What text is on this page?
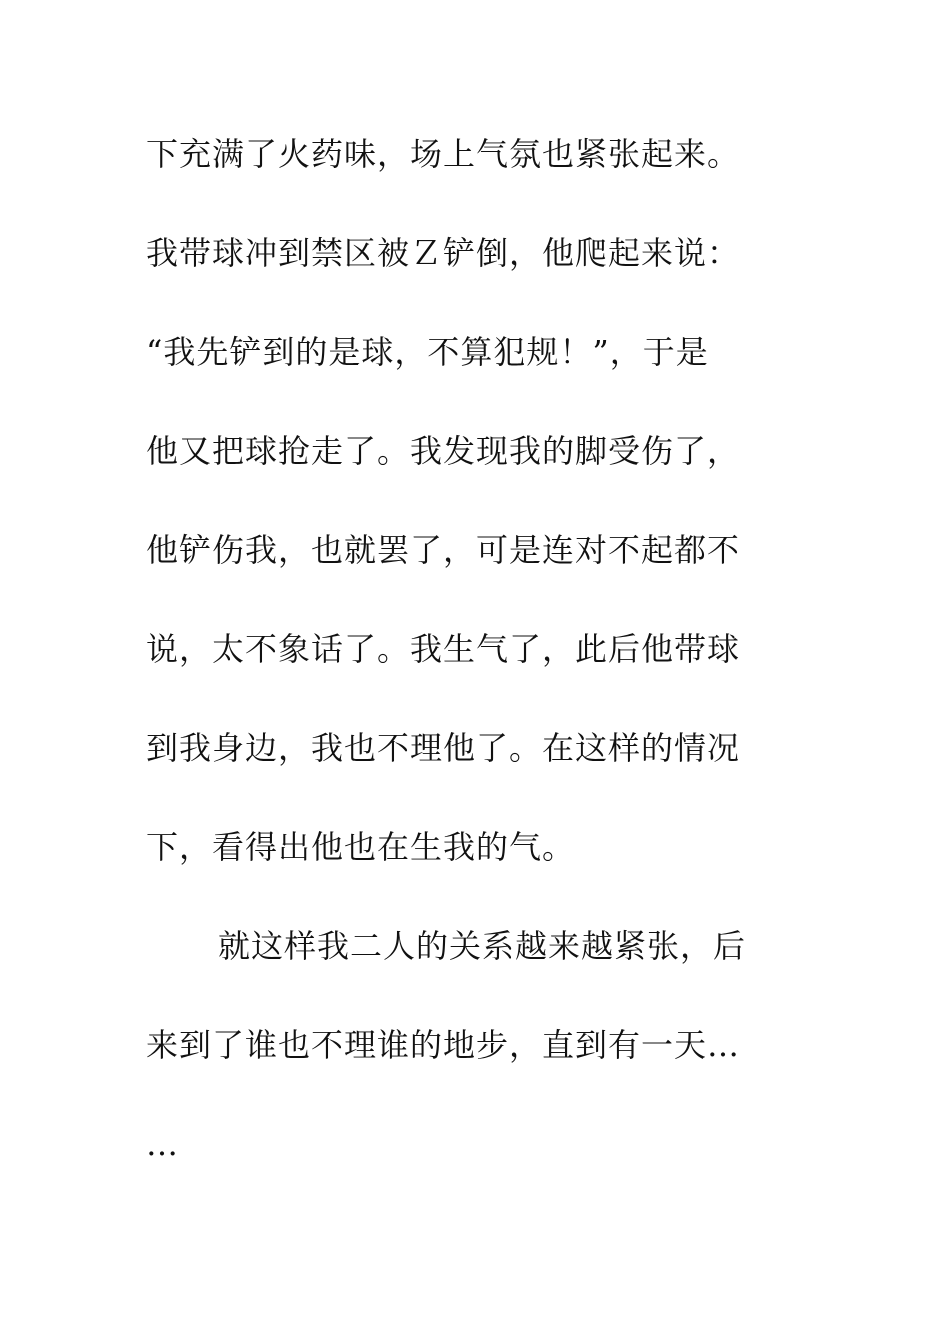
下充满了火药味，场上气氛也紧张起来。
我带球冲到禁区被Ｚ铲倒，他爬起来说：
“我先铲到的是球，不算犯规！”，于是
他又把球抢走了。我发现我的脚受伤了，
他铲伤我，也就罢了，可是连对不起都不
说，太不象话了。我生气了，此后他带球
到我身边，我也不理他了。在这样的情况
下，看得出他也在生我的气。
就这样我二人的关系越来越紧张，后
来到了谁也不理谁的地步，直到有一天…
…
